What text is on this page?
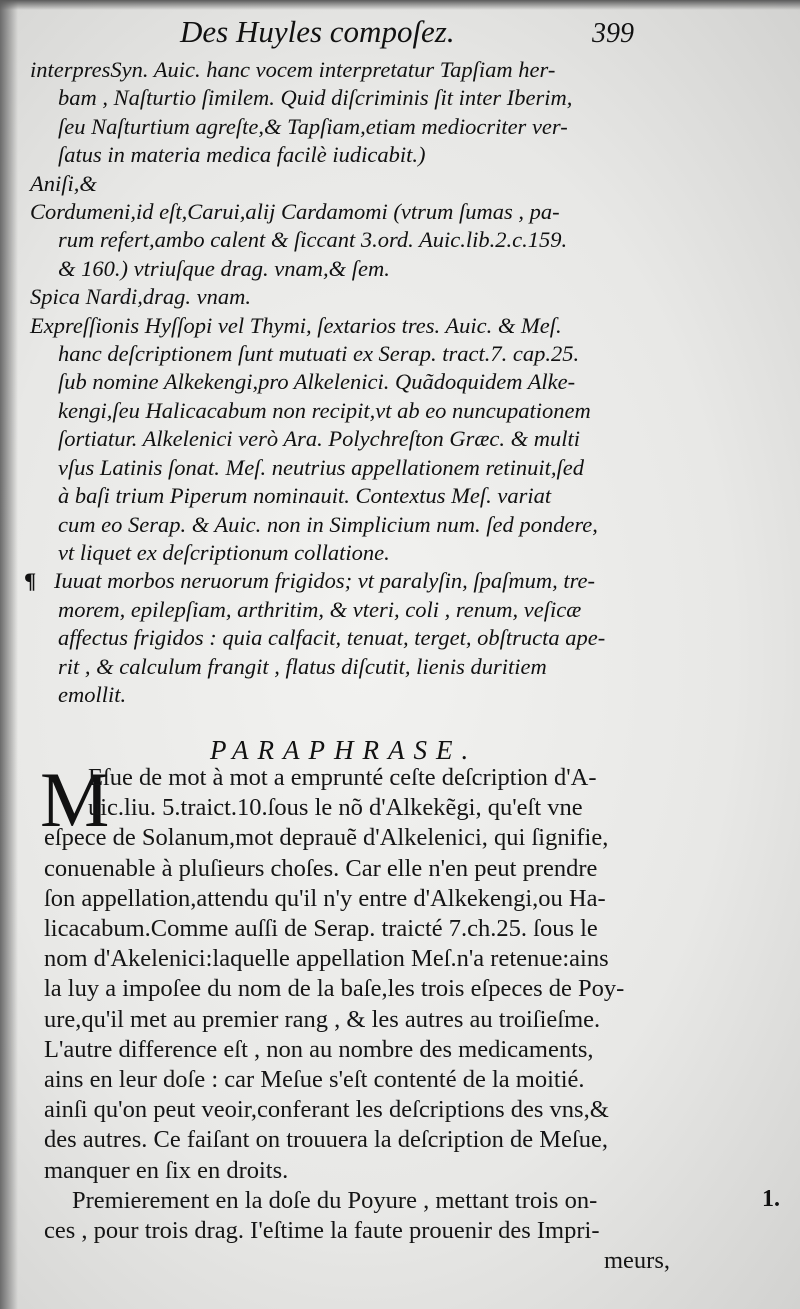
Des Huyles compoſez.	399
interpresSyn. Auic. hanc vocem interpretatur Tapſiam her-
bam , Naſturtio ſimilem. Quid diſcriminis ſit inter Iberim,
ſeu Naſturtium agreſte,& Tapſiam,etiam mediocriter ver-
ſatus in materia medica facilè iudicabit.)
Aniſi,&
Cordumeni,id eſt,Carui,alij Cardamomi (vtrum ſumas , pa-
rum refert,ambo calent & ſiccant 3.ord. Auic.lib.2.c.159.
& 160.) vtriuſque drag. vnam,& ſem.
Spica Nardi,drag. vnam.
Expreſſionis Hyſſopi vel Thymi, ſextarios tres. Auic. & Meſ.
hanc deſcriptionem ſunt mutuati ex Serap. tract.7. cap.25.
ſub nomine Alkekengi,pro Alkelenici. Quãdoquidem Alke-
kengi,ſeu Halicacabum non recipit,vt ab eo nuncupationem
ſortiatur. Alkelenici verò Ara. Polychreſton Græc. & multi
vſus Latinis ſonat. Meſ. neutrius appellationem retinuit,ſed
à baſi trium Piperum nominauit. Contextus Meſ. variat
cum eo Serap. & Auic. non in Simplicium num. ſed pondere,
vt liquet ex deſcriptionum collatione.
¶ Iuuat morbos neruorum frigidos; vt paralyſin, ſpaſmum, tre-
morem, epilepſiam, arthritim, & vteri, coli , renum, veſicæ
affectus frigidos : quia calfacit, tenuat, terget, obſtructa ape-
rit , & calculum frangit , flatus diſcutit, lienis duritiem
emollit.
PARAPHRASE.
M
Eſue de mot à mot a emprunté ceſte deſcription d'A-
uic.liu. 5.traict.10.ſous le nõ d'Alkekẽgi, qu'eſt vne
eſpece de Solanum,mot deprauẽ d'Alkelenici, qui ſignifie,
conuenable à pluſieurs choſes. Car elle n'en peut prendre
ſon appellation,attendu qu'il n'y entre d'Alkekengi,ou Ha-
licacabum.Comme auſſi de Serap. traicté 7.ch.25. ſous le
nom d'Akelenici:laquelle appellation Meſ.n'a retenue:ains
la luy a impoſee du nom de la baſe,les trois eſpeces de Poy-
ure,qu'il met au premier rang , & les autres au troiſieſme.
L'autre difference eſt , non au nombre des medicaments,
ains en leur doſe : car Meſue s'eſt contenté de la moitié.
ainſi qu'on peut veoir,conferant les deſcriptions des vns,&
des autres. Ce faiſant on trouuera la deſcription de Meſue,
manquer en ſix en droits.
Premierement en la doſe du Poyure , mettant trois on-
ces , pour trois drag. I'eſtime la faute prouenir des Impri-
meurs,
1.
